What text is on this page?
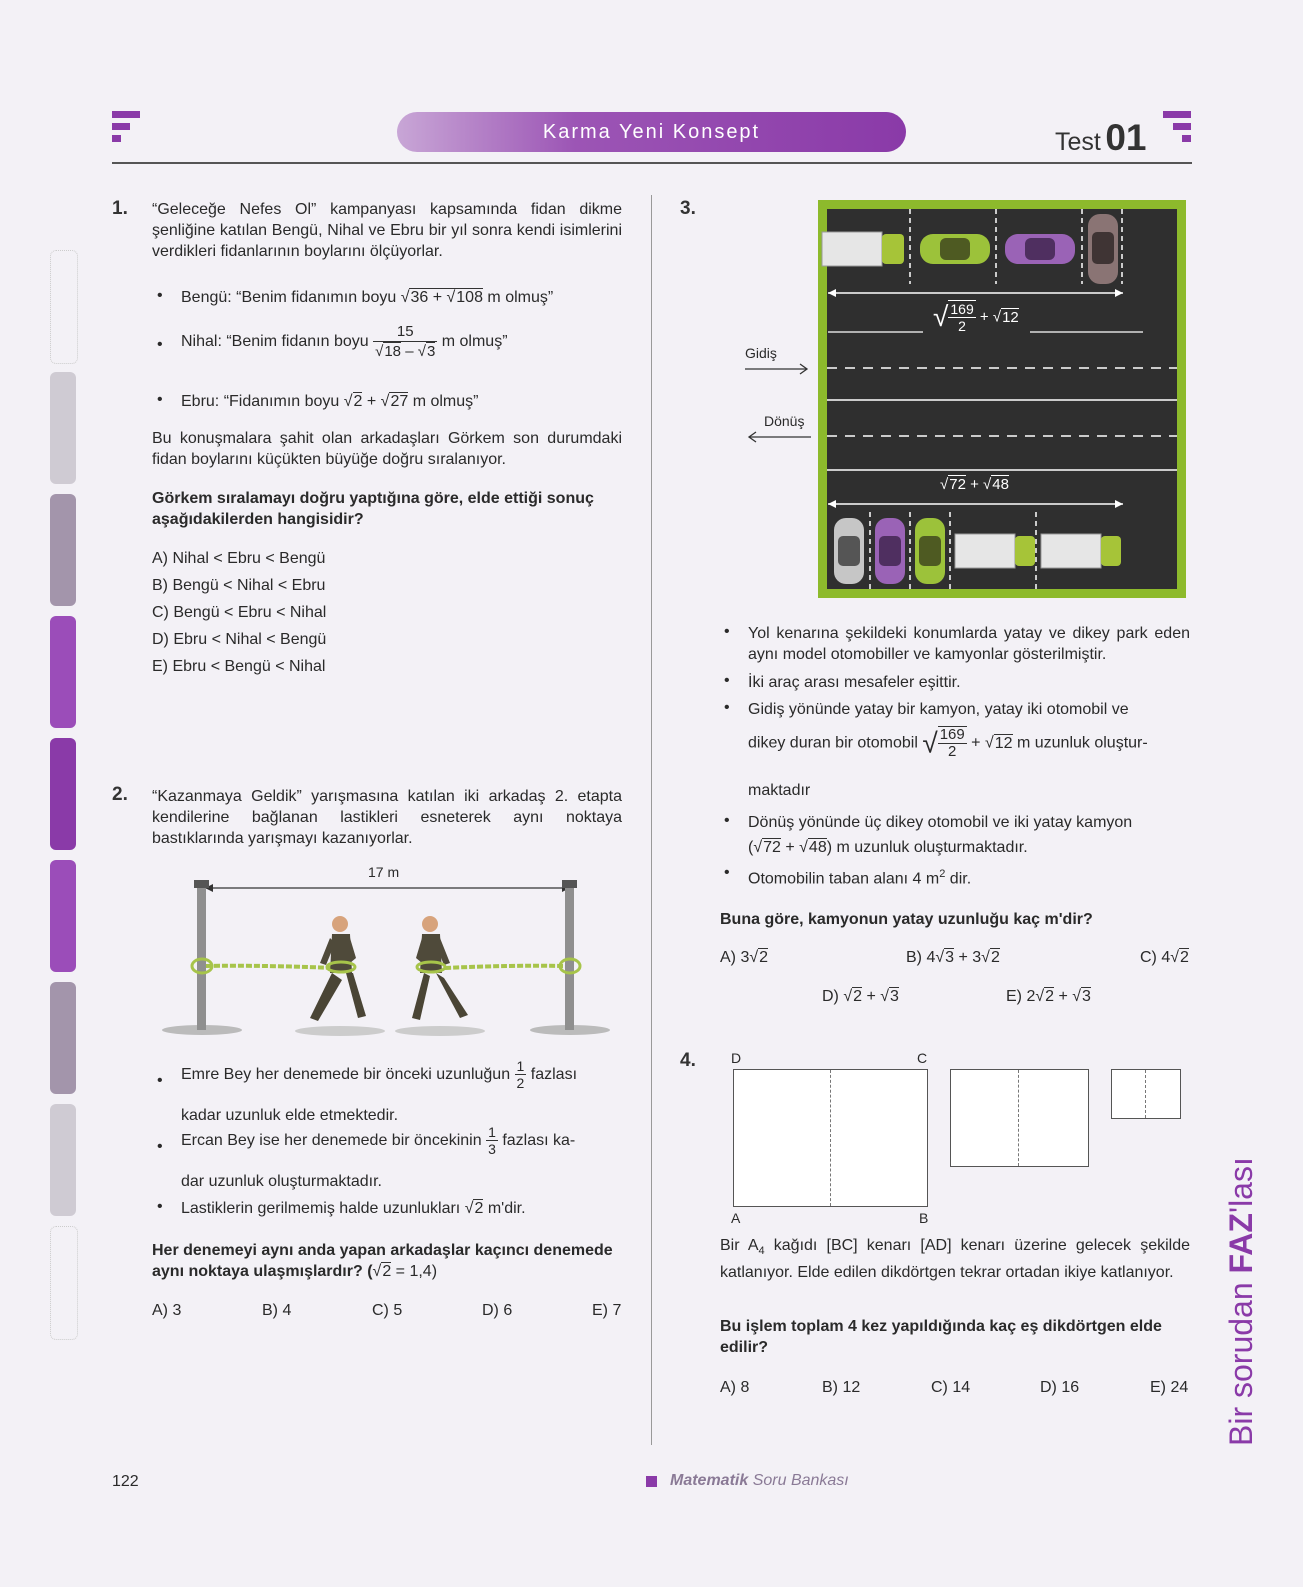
Karma Yeni Konsept	Test 01
1. “Geleceğe Nefes Ol” kampanyası kapsamında fidan dikme şenliğine katılan Bengü, Nihal ve Ebru bir yıl sonra kendi isimlerini verdikleri fidanlarının boylarını ölçüyorlar.
• Bengü: “Benim fidanımın boyu √36 + √108 m olmuş”
• Nihal: “Benim fidanın boyu $\frac{15}{√18 - √3}$ m olmuş”
• Ebru: “Fidanımın boyu √2 + √27 m olmuş”
Bu konuşmalara şahit olan arkadaşları Görkem son durumdaki fidan boylarını küçükten büyüğe doğru sıralanıyor.
Görkem sıralamayı doğru yaptığına göre, elde ettiği sonuç aşağıdakilerden hangisidir?
A) Nihal < Ebru < Bengü
B) Bengü < Nihal < Ebru
C) Bengü < Ebru < Nihal
D) Ebru < Nihal < Bengü
E) Ebru < Bengü < Nihal
2. “Kazanmaya Geldik” yarışmasına katılan iki arkadaş 2. etapta kendilerine bağlanan lastikleri esneterek aynı noktaya bastıklarında yarışmayı kazanıyorlar.
17 m
• Emre Bey her denemede bir önceki uzunluğun $\frac{1}{2}$ fazlası
kadar uzunluk elde etmektedir.
• Ercan Bey ise her denemede bir öncekinin $\frac{1}{3}$ fazlası ka-
dar uzunluk oluşturmaktadır.
• Lastiklerin gerilmemiş halde uzunlukları √2 m'dir.
Her denemeyi aynı anda yapan arkadaşlar kaçıncı denemede aynı noktaya ulaşmışlardır? (√2 = 1,4)
A) 3	B) 4	C) 5	D) 6	E) 7
3.
√ $\frac{169}{2} + √12$
√72 + √48
Gidiş
Dönüş
• Yol kenarına şekildeki konumlarda yatay ve dikey park eden aynı model otomobiller ve kamyonlar gösterilmiştir.
• İki araç arası mesafeler eşittir.
• Gidiş yönünde yatay bir kamyon, yatay iki otomobil ve
dikey duran bir otomobil √ $\frac{169}{2} + √12$ m uzunluk oluştur-
maktadır
• Dönüş yönünde üç dikey otomobil ve iki yatay kamyon
(√72 + √48) m uzunluk oluşturmaktadır.
• Otomobilin taban alanı 4 $m^2$ dir.
Buna göre, kamyonun yatay uzunluğu kaç m'dir?
A) 3√2	B) 4√3 + 3√2	C) 4√2
D) √2 + √3	E) 2√2 + √3
4.	D	C
A	B
Bir $A_4$ kağıdı [BC] kenarı [AD] kenarı üzerine gelecek şekilde katlanıyor. Elde edilen dikdörtgen tekrar ortadan ikiye katlanıyor.
Bu işlem toplam 4 kez yapıldığında kaç eş dikdörtgen elde edilir?
A) 8	B) 12	C) 14	D) 16	E) 24 Bir sorudan FAZ'lası
122	Matematik Soru Bankası
